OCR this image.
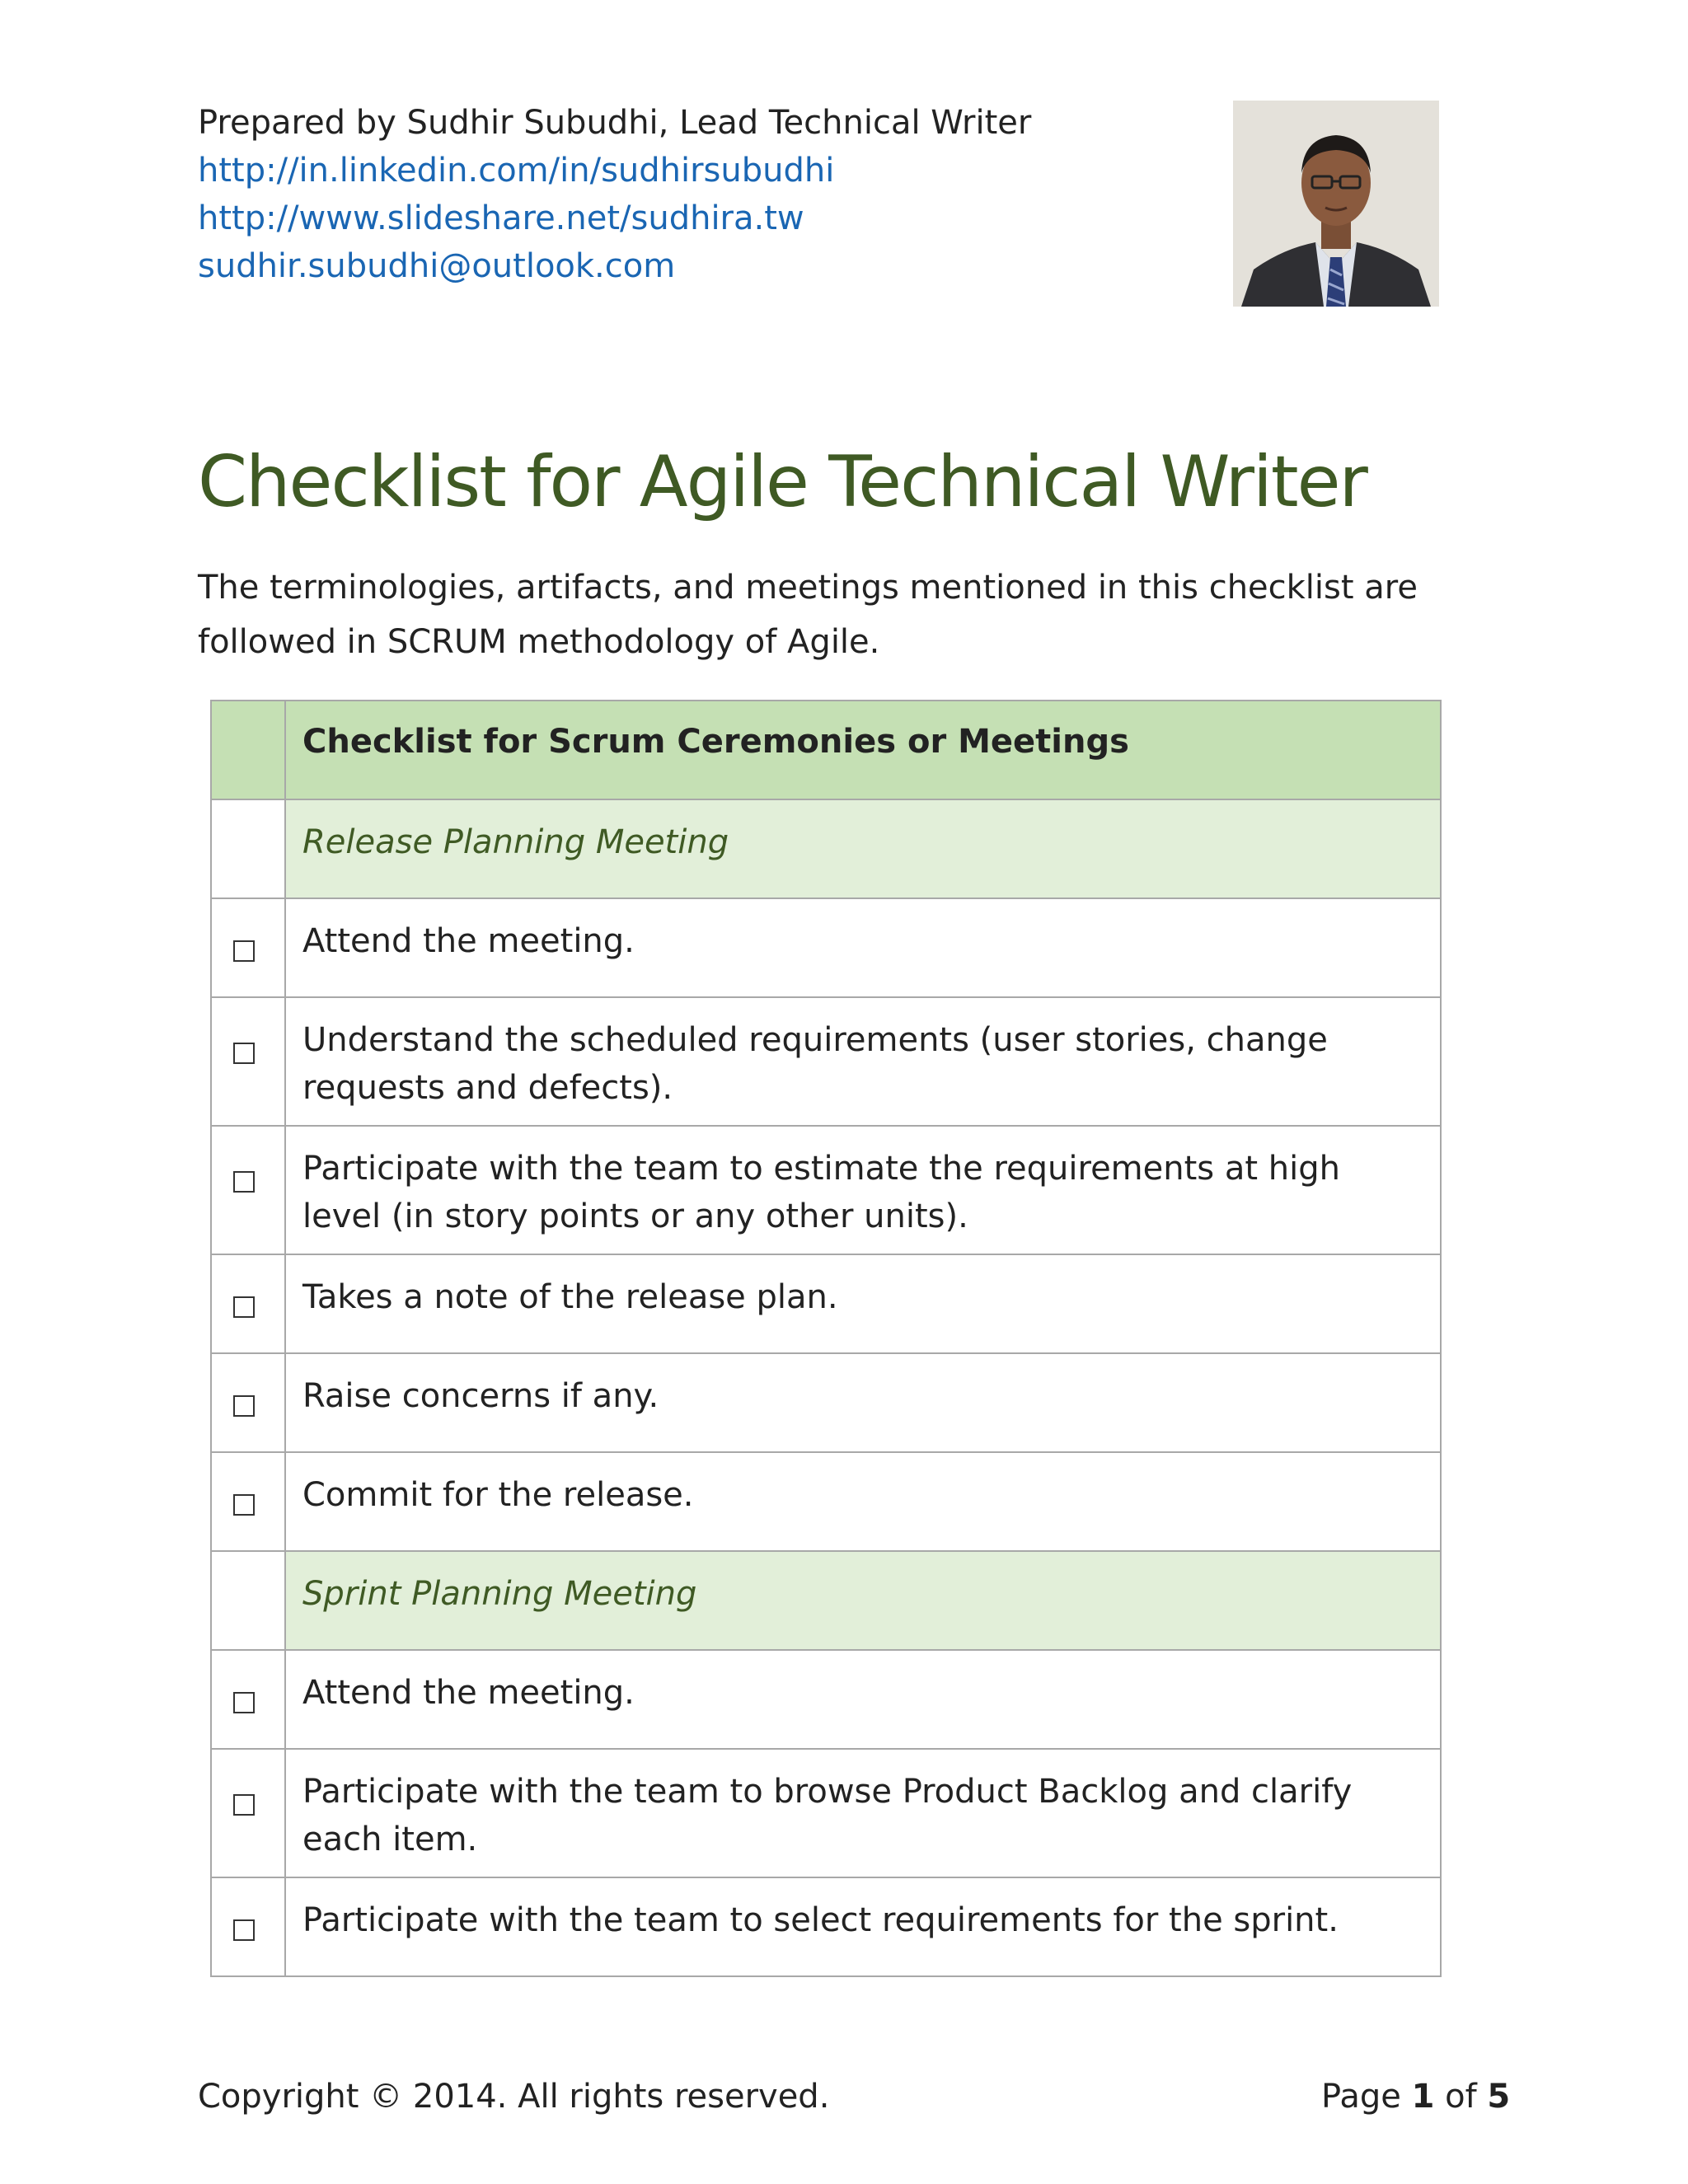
Prepared by Sudhir Subudhi, Lead Technical Writer
http://in.linkedin.com/in/sudhirsubudhi
http://www.slideshare.net/sudhira.tw
sudhir.subudhi@outlook.com
Checklist for Agile Technical Writer

The terminologies, artifacts, and meetings mentioned in this checklist are followed in SCRUM methodology of Agile.

	Checklist for Scrum Ceremonies or Meetings

	Release Planning Meeting

	Attend the meeting.

	Understand the scheduled requirements (user stories, change requests and defects).

	Participate with the team to estimate the requirements at high level (in story points or any other units).

	Takes a note of the release plan.

	Raise concerns if any.

	Commit for the release.

	Sprint Planning Meeting

	Attend the meeting.

	Participate with the team to browse Product Backlog and clarify each item.

	Participate with the team to select requirements for the sprint.
Copyright © 2014. All rights reserved.	Page 1 of 5
